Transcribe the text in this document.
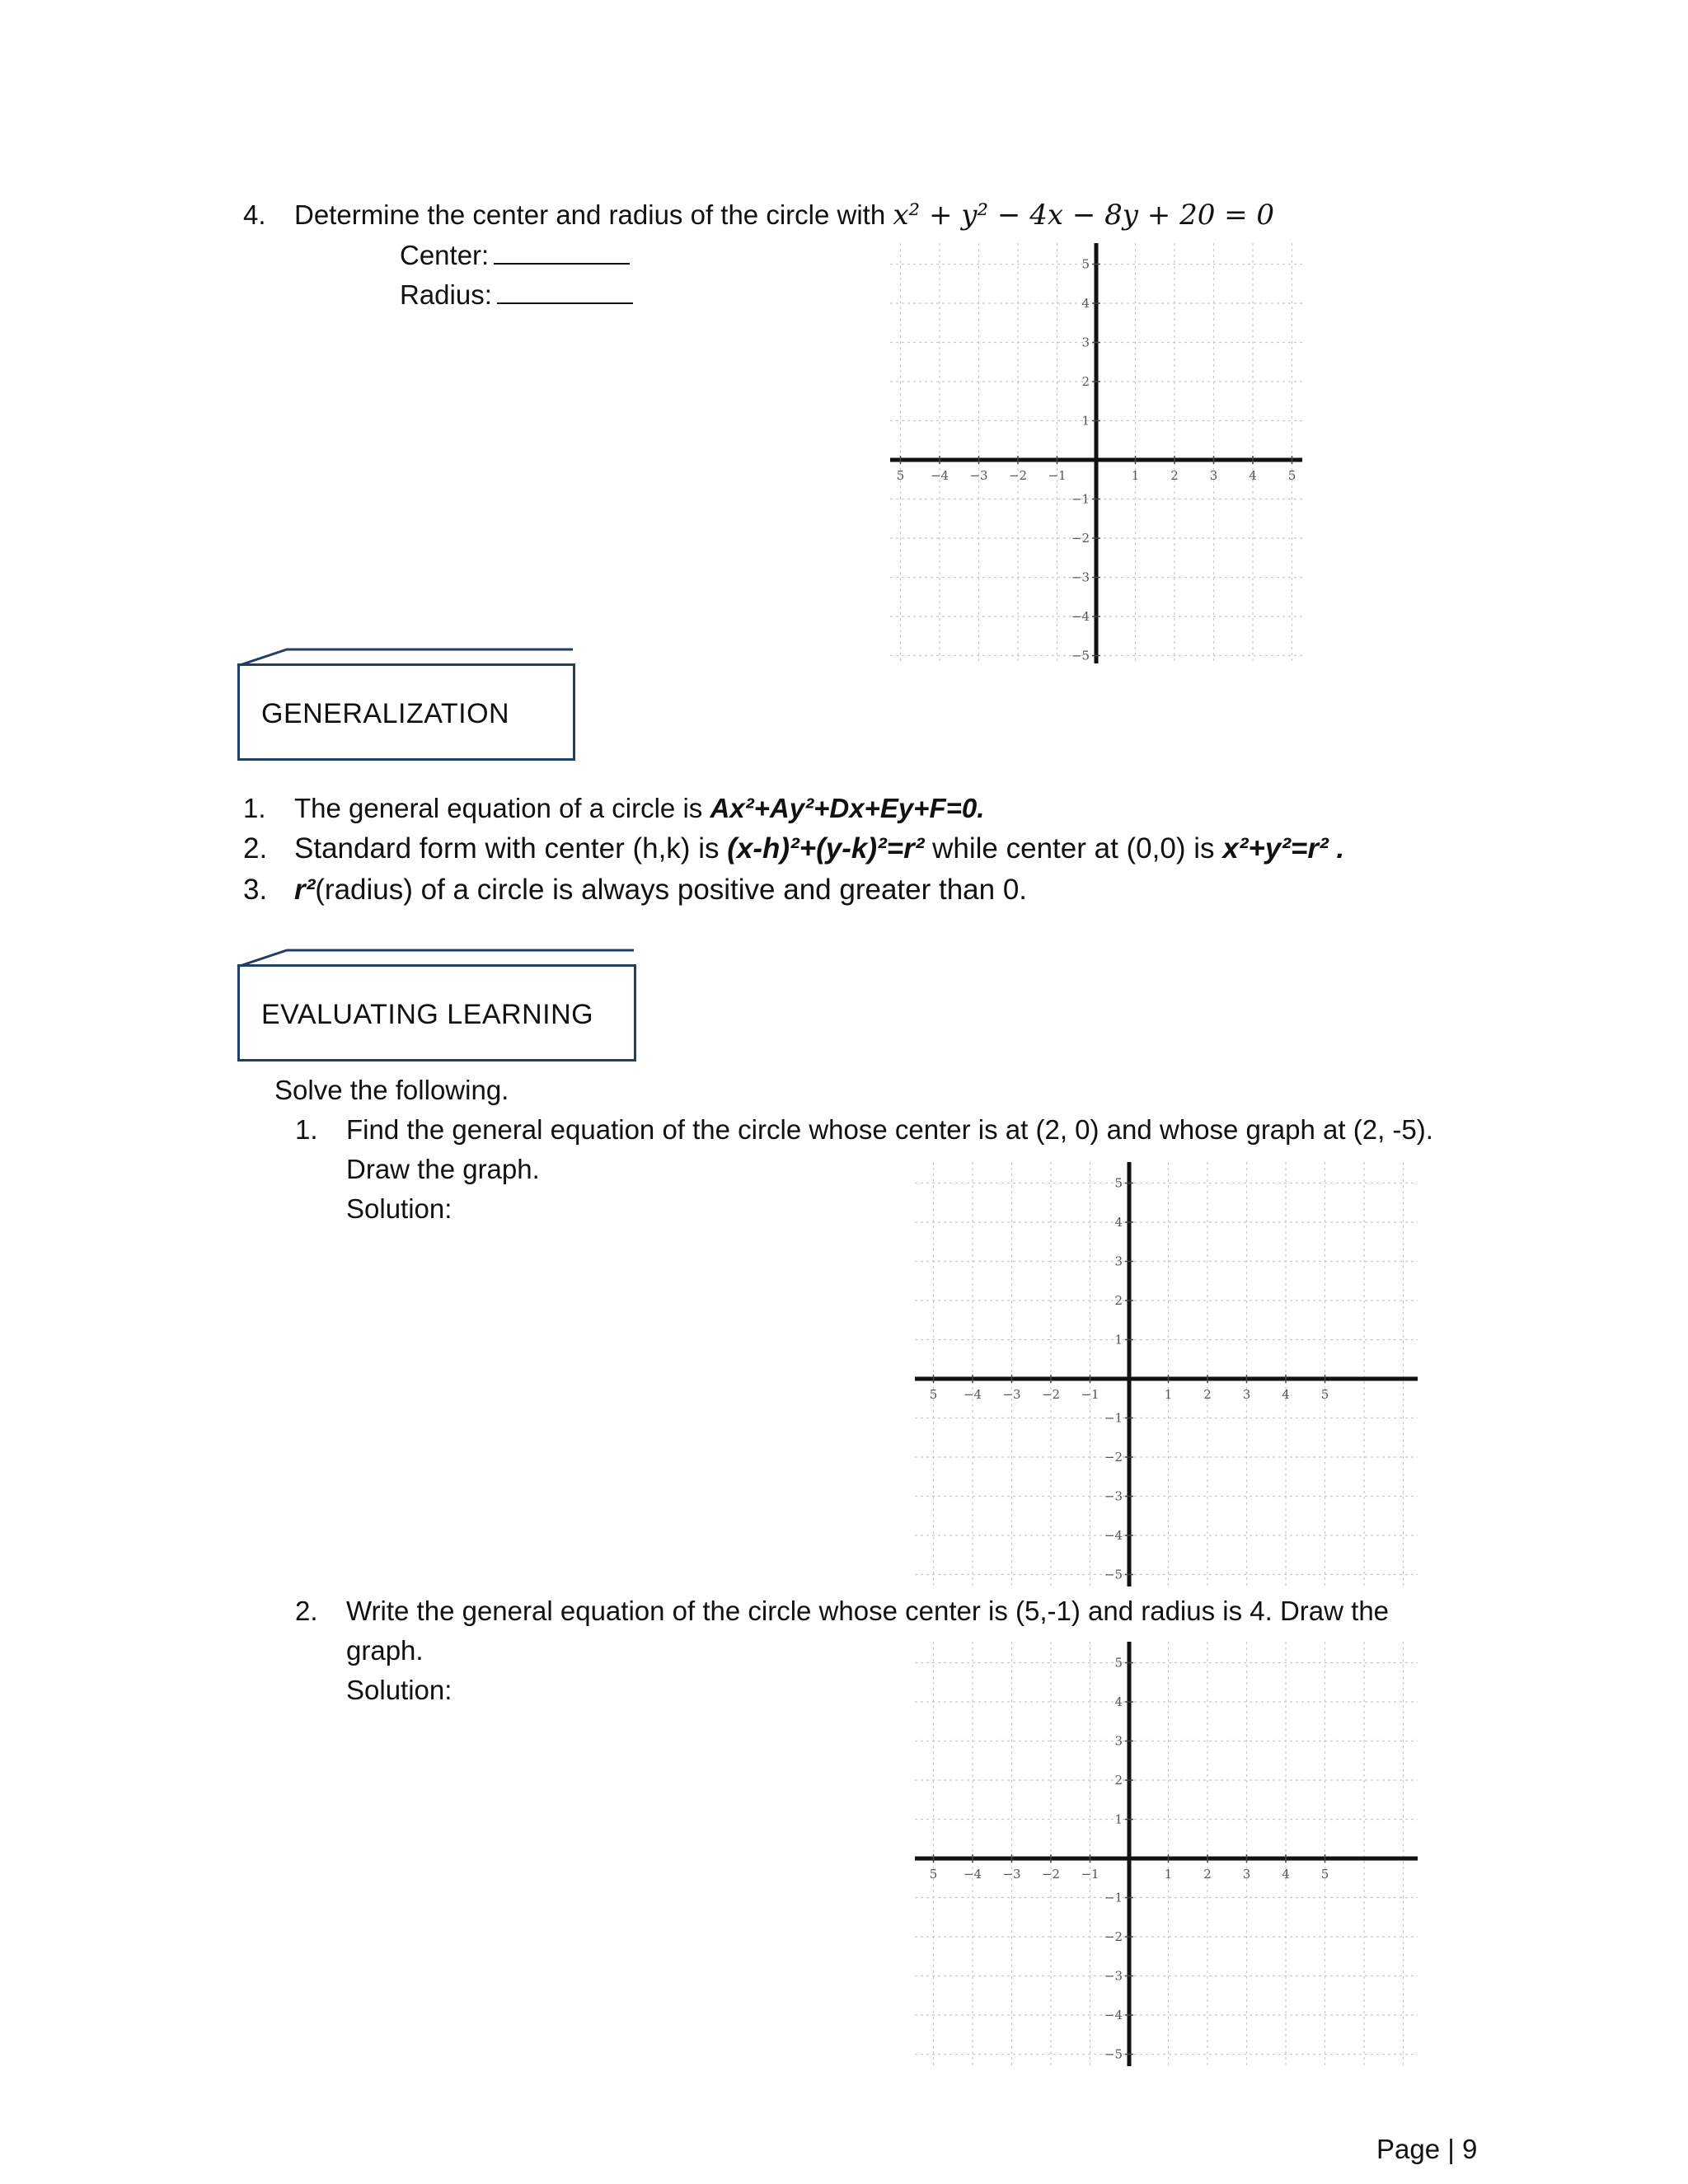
4. Determine the center and radius of the circle with x² + y² − 4x − 8y + 20 = 0
Center:
Radius:
5 −4 −3 −2 −1	1	2	3	4	5
5
4
3
2
1
−1
−2
−3
−4
−5
GENERALIZATION
1. The general equation of a circle is Ax²+Ay²+Dx+Ey+F=0.
2. Standard form with center (h,k) is (x-h)²+(y-k)²=r² while center at (0,0) is x²+y²=r² .
3. r²(radius) of a circle is always positive and greater than 0.
EVALUATING LEARNING
Solve the following.
1. Find the general equation of the circle whose center is at (2, 0) and whose graph at (2, -5).
Draw the graph.
Solution:
5 −4 −3 −2 −1	1	2	3	4	5
5
4
3
2
1
−1
−2
−3
−4
−5
2. Write the general equation of the circle whose center is (5,-1) and radius is 4. Draw the
graph.
Solution:
5 −4 −3 −2 −1	1	2	3	4	5
5
4
3
2
1
−1
−2
−3
−4
−5
Page | 9
